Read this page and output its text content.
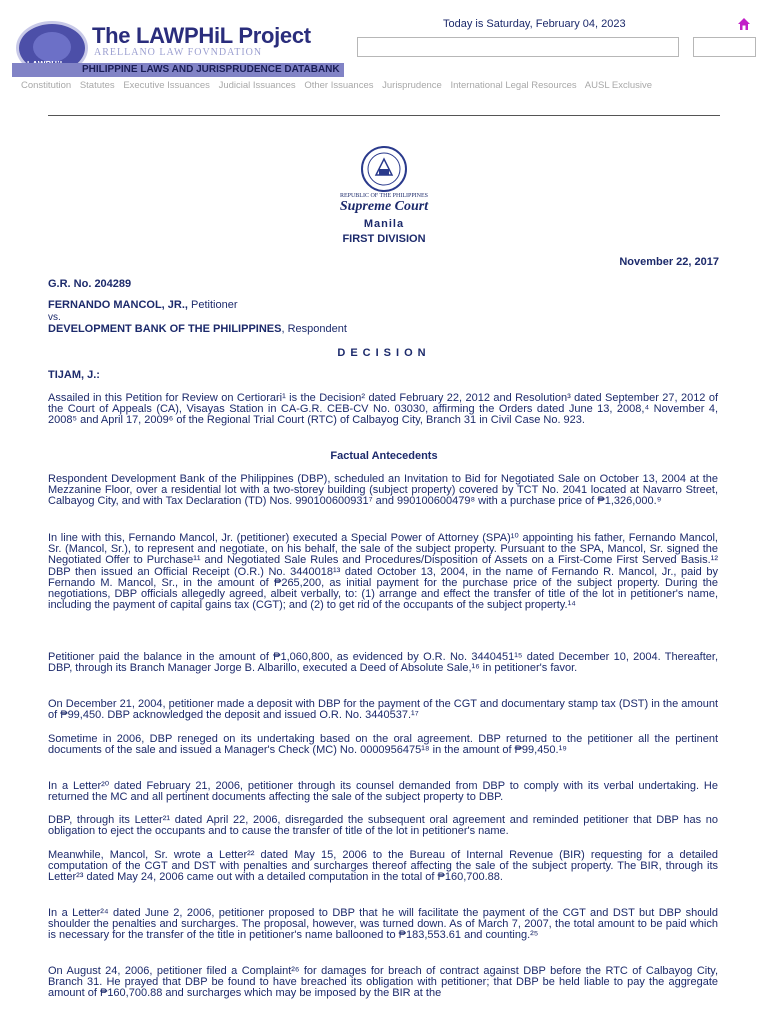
The LAWPHiL Project
ARELLANO LAW FOVNDATION
PHILIPPINE LAWS AND JURISPRUDENCE DATABANK
Today is Saturday, February 04, 2023
Constitution Statutes Executive Issuances Judicial Issuances Other Issuances Jurisprudence International Legal Resources AUSL Exclusive
REPUBLIC OF THE PHILIPPINES
Supreme Court
Manila
FIRST DIVISION
November 22, 2017
G.R. No. 204289
FERNANDO MANCOL, JR., Petitioner
vs.
DEVELOPMENT BANK OF THE PHILIPPINES, Respondent
DECISION
TIJAM, J.:
Assailed in this Petition for Review on Certiorari¹ is the Decision² dated February 22, 2012 and Resolution³ dated September 27, 2012 of the Court of Appeals (CA), Visayas Station in CA-G.R. CEB-CV No. 03030, affirming the Orders dated June 13, 2008,⁴ November 4, 2008⁵ and April 17, 2009⁶ of the Regional Trial Court (RTC) of Calbayog City, Branch 31 in Civil Case No. 923.
Factual Antecedents
Respondent Development Bank of the Philippines (DBP), scheduled an Invitation to Bid for Negotiated Sale on October 13, 2004 at the Mezzanine Floor, over a residential lot with a two-storey building (subject property) covered by TCT No. 2041 located at Navarro Street, Calbayog City, and with Tax Declaration (TD) Nos. 990100600931⁷ and 990100600479⁸ with a purchase price of ₱1,326,000.⁹
In line with this, Fernando Mancol, Jr. (petitioner) executed a Special Power of Attorney (SPA)¹⁰ appointing his father, Fernando Mancol, Sr. (Mancol, Sr.), to represent and negotiate, on his behalf, the sale of the subject property. Pursuant to the SPA, Mancol, Sr. signed the Negotiated Offer to Purchase¹¹ and Negotiated Sale Rules and Procedures/Disposition of Assets on a First-Come First Served Basis.¹² DBP then issued an Official Receipt (O.R.) No. 3440018¹³ dated October 13, 2004, in the name of Fernando R. Mancol, Jr., paid by Fernando M. Mancol, Sr., in the amount of ₱265,200, as initial payment for the purchase price of the subject property. During the negotiations, DBP officials allegedly agreed, albeit verbally, to: (1) arrange and effect the transfer of title of the lot in petitioner's name, including the payment of capital gains tax (CGT); and (2) to get rid of the occupants of the subject property.¹⁴
Petitioner paid the balance in the amount of ₱1,060,800, as evidenced by O.R. No. 3440451¹⁵ dated December 10, 2004. Thereafter, DBP, through its Branch Manager Jorge B. Albarillo, executed a Deed of Absolute Sale,¹⁶ in petitioner's favor.
On December 21, 2004, petitioner made a deposit with DBP for the payment of the CGT and documentary stamp tax (DST) in the amount of ₱99,450. DBP acknowledged the deposit and issued O.R. No. 3440537.¹⁷
Sometime in 2006, DBP reneged on its undertaking based on the oral agreement. DBP returned to the petitioner all the pertinent documents of the sale and issued a Manager's Check (MC) No. 0000956475¹⁸ in the amount of ₱99,450.¹⁹
In a Letter²⁰ dated February 21, 2006, petitioner through its counsel demanded from DBP to comply with its verbal undertaking. He returned the MC and all pertinent documents affecting the sale of the subject property to DBP.
DBP, through its Letter²¹ dated April 22, 2006, disregarded the subsequent oral agreement and reminded petitioner that DBP has no obligation to eject the occupants and to cause the transfer of title of the lot in petitioner's name.
Meanwhile, Mancol, Sr. wrote a Letter²² dated May 15, 2006 to the Bureau of Internal Revenue (BIR) requesting for a detailed computation of the CGT and DST with penalties and surcharges thereof affecting the sale of the subject property. The BIR, through its Letter²³ dated May 24, 2006 came out with a detailed computation in the total of ₱160,700.88.
In a Letter²⁴ dated June 2, 2006, petitioner proposed to DBP that he will facilitate the payment of the CGT and DST but DBP should shoulder the penalties and surcharges. The proposal, however, was turned down. As of March 7, 2007, the total amount to be paid which is necessary for the transfer of the title in petitioner's name ballooned to ₱183,553.61 and counting.²⁵
On August 24, 2006, petitioner filed a Complaint²⁶ for damages for breach of contract against DBP before the RTC of Calbayog City, Branch 31. He prayed that DBP be found to have breached its obligation with petitioner; that DBP be held liable to pay the aggregate amount of ₱160,700.88 and surcharges which may be imposed by the BIR at the
